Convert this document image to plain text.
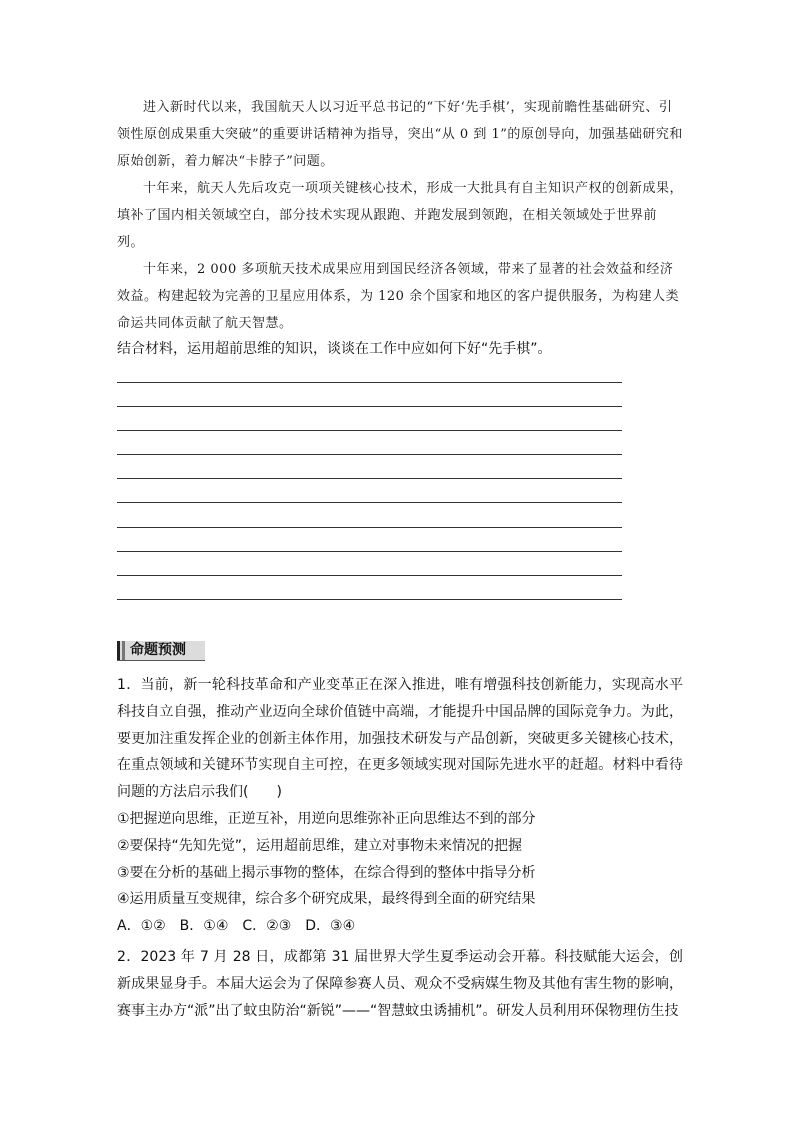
进入新时代以来，我国航天人以习近平总书记的“下好‘先手棋’，实现前瞻性基础研究、引领性原创成果重大突破”的重要讲话精神为指导，突出“从 0 到 1”的原创导向，加强基础研究和原始创新，着力解决“卡脖子”问题。

十年来，航天人先后攻克一项项关键核心技术，形成一大批具有自主知识产权的创新成果，填补了国内相关领域空白，部分技术实现从跟跑、并跑发展到领跑，在相关领域处于世界前列。

十年来，2 000 多项航天技术成果应用到国民经济各领域，带来了显著的社会效益和经济效益。构建起较为完善的卫星应用体系，为 120 余个国家和地区的客户提供服务，为构建人类命运共同体贡献了航天智慧。

结合材料，运用超前思维的知识，谈谈在工作中应如何下好“先手棋”。
命题预测

1．当前，新一轮科技革命和产业变革正在深入推进，唯有增强科技创新能力，实现高水平科技自立自强，推动产业迈向全球价值链中高端，才能提升中国品牌的国际竞争力。为此，要更加注重发挥企业的创新主体作用，加强技术研发与产品创新，突破更多关键核心技术，在重点领域和关键环节实现自主可控，在更多领域实现对国际先进水平的赶超。材料中看待问题的方法启示我们(　　)

①把握逆向思维，正逆互补，用逆向思维弥补正向思维达不到的部分

②要保持“先知先觉”，运用超前思维，建立对事物未来情况的把握

③要在分析的基础上揭示事物的整体，在综合得到的整体中指导分析

④运用质量互变规律，综合多个研究成果，最终得到全面的研究结果

A．①②　B．①④　C．②③　D．③④

2．2023 年 7 月 28 日，成都第 31 届世界大学生夏季运动会开幕。科技赋能大运会，创新成果显身手。本届大运会为了保障参赛人员、观众不受病媒生物及其他有害生物的影响，赛事主办方“派”出了蚊虫防治“新锐”——“智慧蚊虫诱捕机”。研发人员利用环保物理仿生技
